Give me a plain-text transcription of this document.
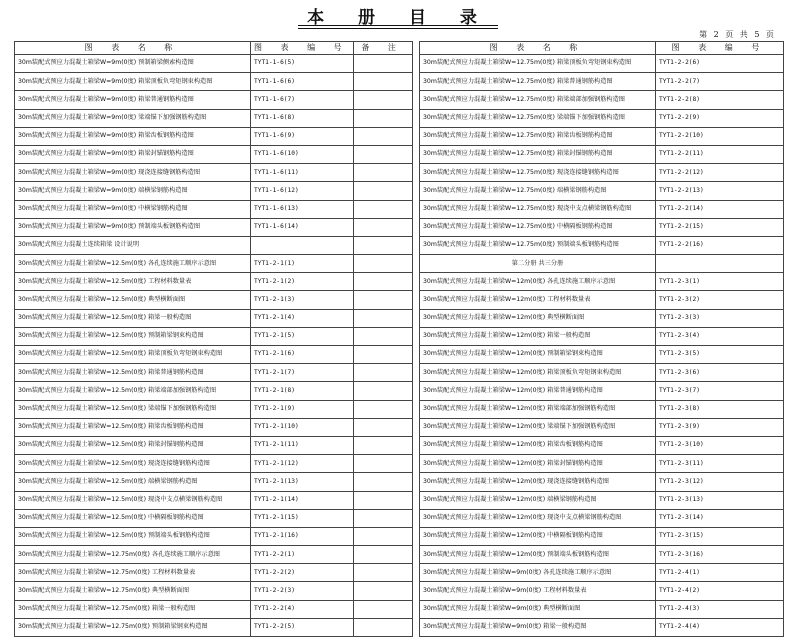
本 册 目 录
第 2 页 共 5 页
图 表 名 称	图 表 编 号	备 注
30m装配式预应力混凝土箱梁W=9m(0度) 预制箱梁侧索构造图	TYT1-1-6(5)	
30m装配式预应力混凝土箱梁W=9m(0度) 箱梁顶板负弯矩钢束构造图	TYT1-1-6(6)	
30m装配式预应力混凝土箱梁W=9m(0度) 箱梁普通钢筋构造图	TYT1-1-6(7)	
30m装配式预应力混凝土箱梁W=9m(0度) 梁端锚下加强钢筋构造图	TYT1-1-6(8)	
30m装配式预应力混凝土箱梁W=9m(0度) 箱梁齿板钢筋构造图	TYT1-1-6(9)	
30m装配式预应力混凝土箱梁W=9m(0度) 箱梁封锚钢筋构造图	TYT1-1-6(10)	
30m装配式预应力混凝土箱梁W=9m(0度) 现浇连接缝钢筋构造图	TYT1-1-6(11)	
30m装配式预应力混凝土箱梁W=9m(0度) 端横梁钢筋构造图	TYT1-1-6(12)	
30m装配式预应力混凝土箱梁W=9m(0度) 中横梁钢筋构造图	TYT1-1-6(13)	
30m装配式预应力混凝土箱梁W=9m(0度) 预制端头板钢筋构造图	TYT1-1-6(14)	
30m装配式预应力混凝土连续箱梁 设计说明		
30m装配式预应力混凝土箱梁W=12.5m(0度) 各孔连续施工顺序示意图	TYT1-2-1(1)	
30m装配式预应力混凝土箱梁W=12.5m(0度) 工程材料数量表	TYT1-2-1(2)	
30m装配式预应力混凝土箱梁W=12.5m(0度) 典型横断面图	TYT1-2-1(3)	
30m装配式预应力混凝土箱梁W=12.5m(0度) 箱梁一般构造图	TYT1-2-1(4)	
30m装配式预应力混凝土箱梁W=12.5m(0度) 预制箱梁钢束构造图	TYT1-2-1(5)	
30m装配式预应力混凝土箱梁W=12.5m(0度) 箱梁顶板负弯矩钢束构造图	TYT1-2-1(6)	
30m装配式预应力混凝土箱梁W=12.5m(0度) 箱梁普通钢筋构造图	TYT1-2-1(7)	
30m装配式预应力混凝土箱梁W=12.5m(0度) 箱梁端部加强钢筋构造图	TYT1-2-1(8)	
30m装配式预应力混凝土箱梁W=12.5m(0度) 梁端锚下加强钢筋构造图	TYT1-2-1(9)	
30m装配式预应力混凝土箱梁W=12.5m(0度) 箱梁齿板钢筋构造图	TYT1-2-1(10)	
30m装配式预应力混凝土箱梁W=12.5m(0度) 箱梁封锚钢筋构造图	TYT1-2-1(11)	
30m装配式预应力混凝土箱梁W=12.5m(0度) 现浇连接缝钢筋构造图	TYT1-2-1(12)	
30m装配式预应力混凝土箱梁W=12.5m(0度) 端横梁钢筋构造图	TYT1-2-1(13)	
30m装配式预应力混凝土箱梁W=12.5m(0度) 现浇中支点横梁钢筋构造图	TYT1-2-1(14)	
30m装配式预应力混凝土箱梁W=12.5m(0度) 中横隔板钢筋构造图	TYT1-2-1(15)	
30m装配式预应力混凝土箱梁W=12.5m(0度) 预制端头板钢筋构造图	TYT1-2-1(16)	
30m装配式预应力混凝土箱梁W=12.75m(0度) 各孔连续施工顺序示意图	TYT1-2-2(1)	
30m装配式预应力混凝土箱梁W=12.75m(0度) 工程材料数量表	TYT1-2-2(2)	
30m装配式预应力混凝土箱梁W=12.75m(0度) 典型横断面图	TYT1-2-2(3)	
30m装配式预应力混凝土箱梁W=12.75m(0度) 箱梁一般构造图	TYT1-2-2(4)	
30m装配式预应力混凝土箱梁W=12.75m(0度) 预制箱梁钢束构造图	TYT1-2-2(5)	
图 表 名 称	图 表 编 号
30m装配式预应力混凝土箱梁W=12.75m(0度) 箱梁顶板负弯矩钢束构造图	TYT1-2-2(6)
30m装配式预应力混凝土箱梁W=12.75m(0度) 箱梁普通钢筋构造图	TYT1-2-2(7)
30m装配式预应力混凝土箱梁W=12.75m(0度) 箱梁端部加强钢筋构造图	TYT1-2-2(8)
30m装配式预应力混凝土箱梁W=12.75m(0度) 梁端锚下加强钢筋构造图	TYT1-2-2(9)
30m装配式预应力混凝土箱梁W=12.75m(0度) 箱梁齿板钢筋构造图	TYT1-2-2(10)
30m装配式预应力混凝土箱梁W=12.75m(0度) 箱梁封锚钢筋构造图	TYT1-2-2(11)
30m装配式预应力混凝土箱梁W=12.75m(0度) 现浇连接缝钢筋构造图	TYT1-2-2(12)
30m装配式预应力混凝土箱梁W=12.75m(0度) 端横梁钢筋构造图	TYT1-2-2(13)
30m装配式预应力混凝土箱梁W=12.75m(0度) 现浇中支点横梁钢筋构造图	TYT1-2-2(14)
30m装配式预应力混凝土箱梁W=12.75m(0度) 中横隔板钢筋构造图	TYT1-2-2(15)
30m装配式预应力混凝土箱梁W=12.75m(0度) 预制端头板钢筋构造图	TYT1-2-2(16)
第二分册 共三分册	
30m装配式预应力混凝土箱梁W=12m(0度) 各孔连续施工顺序示意图	TYT1-2-3(1)
30m装配式预应力混凝土箱梁W=12m(0度) 工程材料数量表	TYT1-2-3(2)
30m装配式预应力混凝土箱梁W=12m(0度) 典型横断面图	TYT1-2-3(3)
30m装配式预应力混凝土箱梁W=12m(0度) 箱梁一般构造图	TYT1-2-3(4)
30m装配式预应力混凝土箱梁W=12m(0度) 预制箱梁钢束构造图	TYT1-2-3(5)
30m装配式预应力混凝土箱梁W=12m(0度) 箱梁顶板负弯矩钢束构造图	TYT1-2-3(6)
30m装配式预应力混凝土箱梁W=12m(0度) 箱梁普通钢筋构造图	TYT1-2-3(7)
30m装配式预应力混凝土箱梁W=12m(0度) 箱梁端部加强钢筋构造图	TYT1-2-3(8)
30m装配式预应力混凝土箱梁W=12m(0度) 梁端锚下加强钢筋构造图	TYT1-2-3(9)
30m装配式预应力混凝土箱梁W=12m(0度) 箱梁齿板钢筋构造图	TYT1-2-3(10)
30m装配式预应力混凝土箱梁W=12m(0度) 箱梁封锚钢筋构造图	TYT1-2-3(11)
30m装配式预应力混凝土箱梁W=12m(0度) 现浇连接缝钢筋构造图	TYT1-2-3(12)
30m装配式预应力混凝土箱梁W=12m(0度) 端横梁钢筋构造图	TYT1-2-3(13)
30m装配式预应力混凝土箱梁W=12m(0度) 现浇中支点横梁钢筋构造图	TYT1-2-3(14)
30m装配式预应力混凝土箱梁W=12m(0度) 中横隔板钢筋构造图	TYT1-2-3(15)
30m装配式预应力混凝土箱梁W=12m(0度) 预制端头板钢筋构造图	TYT1-2-3(16)
30m装配式预应力混凝土箱梁W=9m(0度) 各孔连续施工顺序示意图	TYT1-2-4(1)
30m装配式预应力混凝土箱梁W=9m(0度) 工程材料数量表	TYT1-2-4(2)
30m装配式预应力混凝土箱梁W=9m(0度) 典型横断面图	TYT1-2-4(3)
30m装配式预应力混凝土箱梁W=9m(0度) 箱梁一般构造图	TYT1-2-4(4)
